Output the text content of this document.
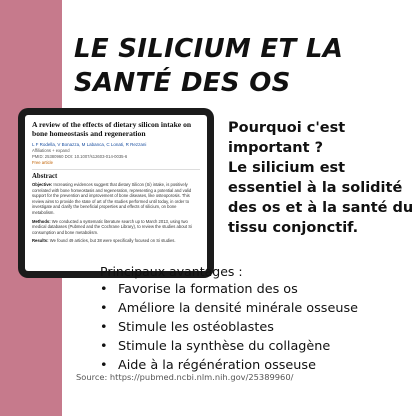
LE SILICIUM ET LA SANTÉ DES OS
A review of the effects of dietary silicon intake on bone homeostasis and regeneration
L F Rodella, V Bonazza, M Labanca, C Lonati, R Rezzani
Affiliations + expand
PMID: 25380960 DOI: 10.1007/s12603-014-0035-6
Free article
Abstract
Objective: Increasing evidences suggest that dietary Silicon (Si) intake, is positively correlated with bone homeostasis and regeneration, representing a potential and valid support for the prevention and improvement of bone diseases, like osteoporosis. This review aims to provide the state of art of the studies performed until today, in order to investigate and clarify the beneficial properties and effects of silicium, on bone metabolism.
Methods: We conducted a systematic literature search up to March 2013, using two medical databases (Pubmed and the Cochrane Library), to review the studies about Si consumption and bone metabolism.
Results: We found 49 articles, but 38 were specifically focused on Si studies.
Pourquoi c'est important ?
Le silicium est essentiel à la solidité des os et à la santé du tissu conjonctif.
Principaux avantages :
• Favorise la formation des os
• Améliore la densité minérale osseuse
• Stimule les ostéoblastes
• Stimule la synthèse du collagène
• Aide à la régénération osseuse
Source: https://pubmed.ncbi.nlm.nih.gov/25389960/
